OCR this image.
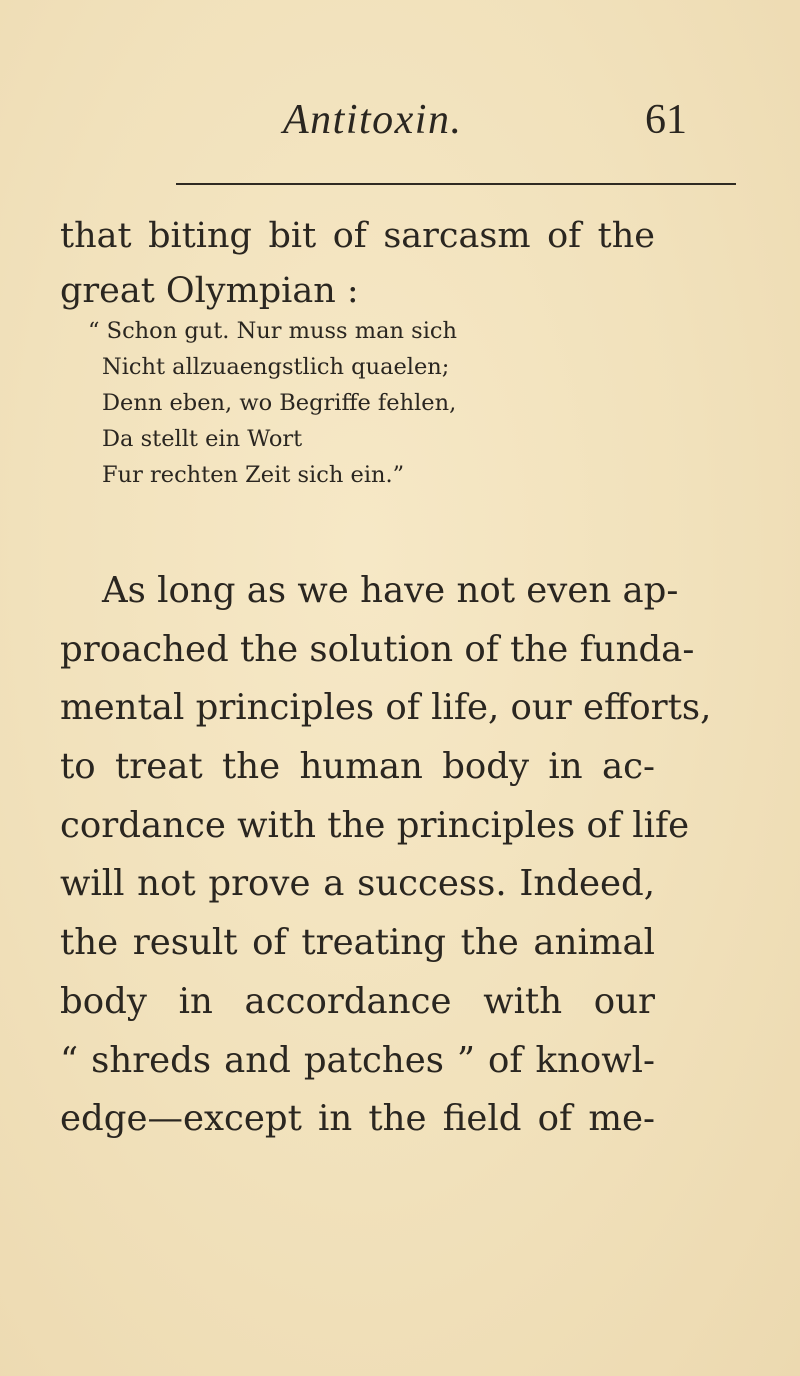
Antitoxin.	61
that biting bit of sarcasm of the
great Olympian :
“ Schon gut. Nur muss man sich
Nicht allzuaengstlich quaelen;
Denn eben, wo Begriffe fehlen,
Da stellt ein Wort
Fur rechten Zeit sich ein.”
As long as we have not even ap-
proached the solution of the funda-
mental principles of life, our efforts,
to treat the human body in ac-
cordance with the principles of life
will not prove a success. Indeed,
the result of treating the animal
body in accordance with our
“ shreds and patches ” of knowl-
edge—except in the field of me-
